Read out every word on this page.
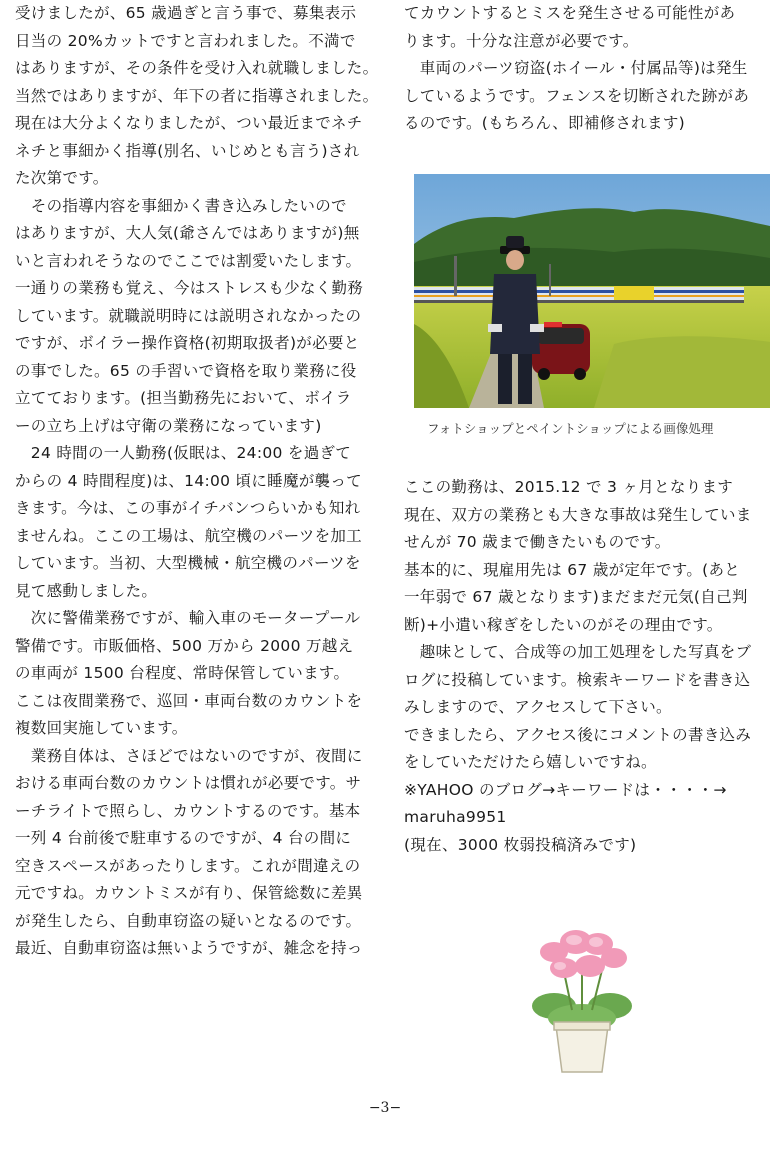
受けましたが、65 歳過ぎと言う事で、募集表示

日当の 20%カットですと言われました。不満で

はありますが、その条件を受け入れ就職しました。

当然ではありますが、年下の者に指導されました。

現在は大分よくなりましたが、つい最近までネチ

ネチと事細かく指導(別名、いじめとも言う)され

た次第です。

　その指導内容を事細かく書き込みしたいので

はありますが、大人気(爺さんではありますが)無

いと言われそうなのでここでは割愛いたします。

一通りの業務も覚え、今はストレスも少なく勤務

しています。就職説明時には説明されなかったの

ですが、ボイラー操作資格(初期取扱者)が必要と

の事でした。65 の手習いで資格を取り業務に役

立てております。(担当勤務先において、ボイラ

ーの立ち上げは守衛の業務になっています)

　24 時間の一人勤務(仮眠は、24:00 を過ぎて

からの 4 時間程度)は、14:00 頃に睡魔が襲って

きます。今は、この事がイチバンつらいかも知れ

ませんね。ここの工場は、航空機のパーツを加工

しています。当初、大型機械・航空機のパーツを

見て感動しました。

　次に警備業務ですが、輸入車のモータープール

警備です。市販価格、500 万から 2000 万越え

の車両が 1500 台程度、常時保管しています。

ここは夜間業務で、巡回・車両台数のカウントを

複数回実施しています。

　業務自体は、さほどではないのですが、夜間に

おける車両台数のカウントは慣れが必要です。サ

ーチライトで照らし、カウントするのです。基本

一列 4 台前後で駐車するのですが、4 台の間に

空きスペースがあったりします。これが間違えの

元ですね。カウントミスが有り、保管総数に差異

が発生したら、自動車窃盗の疑いとなるのです。

最近、自動車窃盗は無いようですが、雑念を持っ

てカウントするとミスを発生させる可能性があ

ります。十分な注意が必要です。

　車両のパーツ窃盗(ホイール・付属品等)は発生

しているようです。フェンスを切断された跡があ

るのです。(もちろん、即補修されます)

フォトショップとペイントショップによる画像処理

ここの勤務は、2015.12 で 3 ヶ月となります

現在、双方の業務とも大きな事故は発生していま

せんが 70 歳まで働きたいものです。

基本的に、現雇用先は 67 歳が定年です。(あと

一年弱で 67 歳となります)まだまだ元気(自己判

断)+小遣い稼ぎをしたいのがその理由です。

　趣味として、合成等の加工処理をした写真をブ

ログに投稿しています。検索キーワードを書き込

みしますので、アクセスして下さい。

できましたら、アクセス後にコメントの書き込み

をしていただけたら嬉しいですね。

※YAHOO のブログ→キーワードは・・・・→

maruha9951

(現在、3000 枚弱投稿済みです)

−3−
